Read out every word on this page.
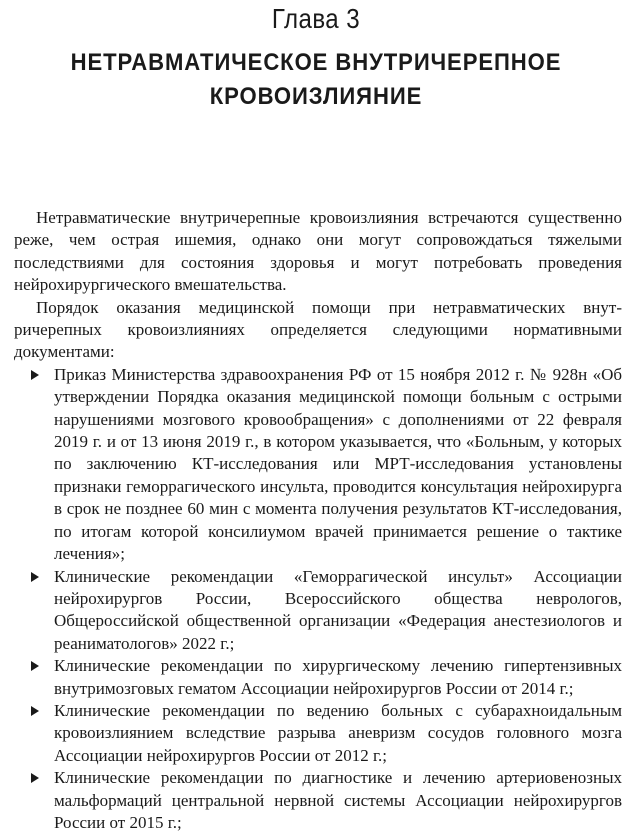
Глава 3
НЕТРАВМАТИЧЕСКОЕ ВНУТРИЧЕРЕПНОЕ
КРОВОИЗЛИЯНИЕ

Нетравматические внутричерепные кровоизлияния встречаются существенно реже, чем острая ишемия, однако они могут сопровождаться тяжелыми последствиями для состояния здоровья и могут потребовать проведения нейрохирургического вмешательства.

Порядок оказания медицинской помощи при нетравматических внутричерепных кровоизлияниях определяется следующими нормативными документами:

Приказ Министерства здравоохранения РФ от 15 ноября 2012 г. № 928н «Об утверждении Порядка оказания медицинской помощи больным с острыми нарушениями мозгового кровообращения» с дополнениями от 22 февраля 2019 г. и от 13 июня 2019 г., в котором указывается, что «Больным, у которых по заключению КТ-исследования или МРТ-исследования установлены признаки геморрагического инсульта, проводится консультация нейрохирурга в срок не позднее 60 мин с момента получения результатов КТ-исследования, по итогам которой консилиумом врачей принимается решение о тактике лечения»;
Клинические рекомендации «Геморрагической инсульт» Ассоциации нейрохирургов России, Всероссийского общества неврологов, Общероссийской общественной организации «Федерация анестезиологов и реаниматологов» 2022 г.;
Клинические рекомендации по хирургическому лечению гипертензивных внутримозговых гематом Ассоциации нейрохирургов России от 2014 г.;
Клинические рекомендации по ведению больных с субарахноидальным кровоизлиянием вследствие разрыва аневризм сосудов головного мозга Ассоциации нейрохирургов России от 2012 г.;
Клинические рекомендации по диагностике и лечению артериовенозных мальформаций центральной нервной системы Ассоциации нейрохирургов России от 2015 г.;
